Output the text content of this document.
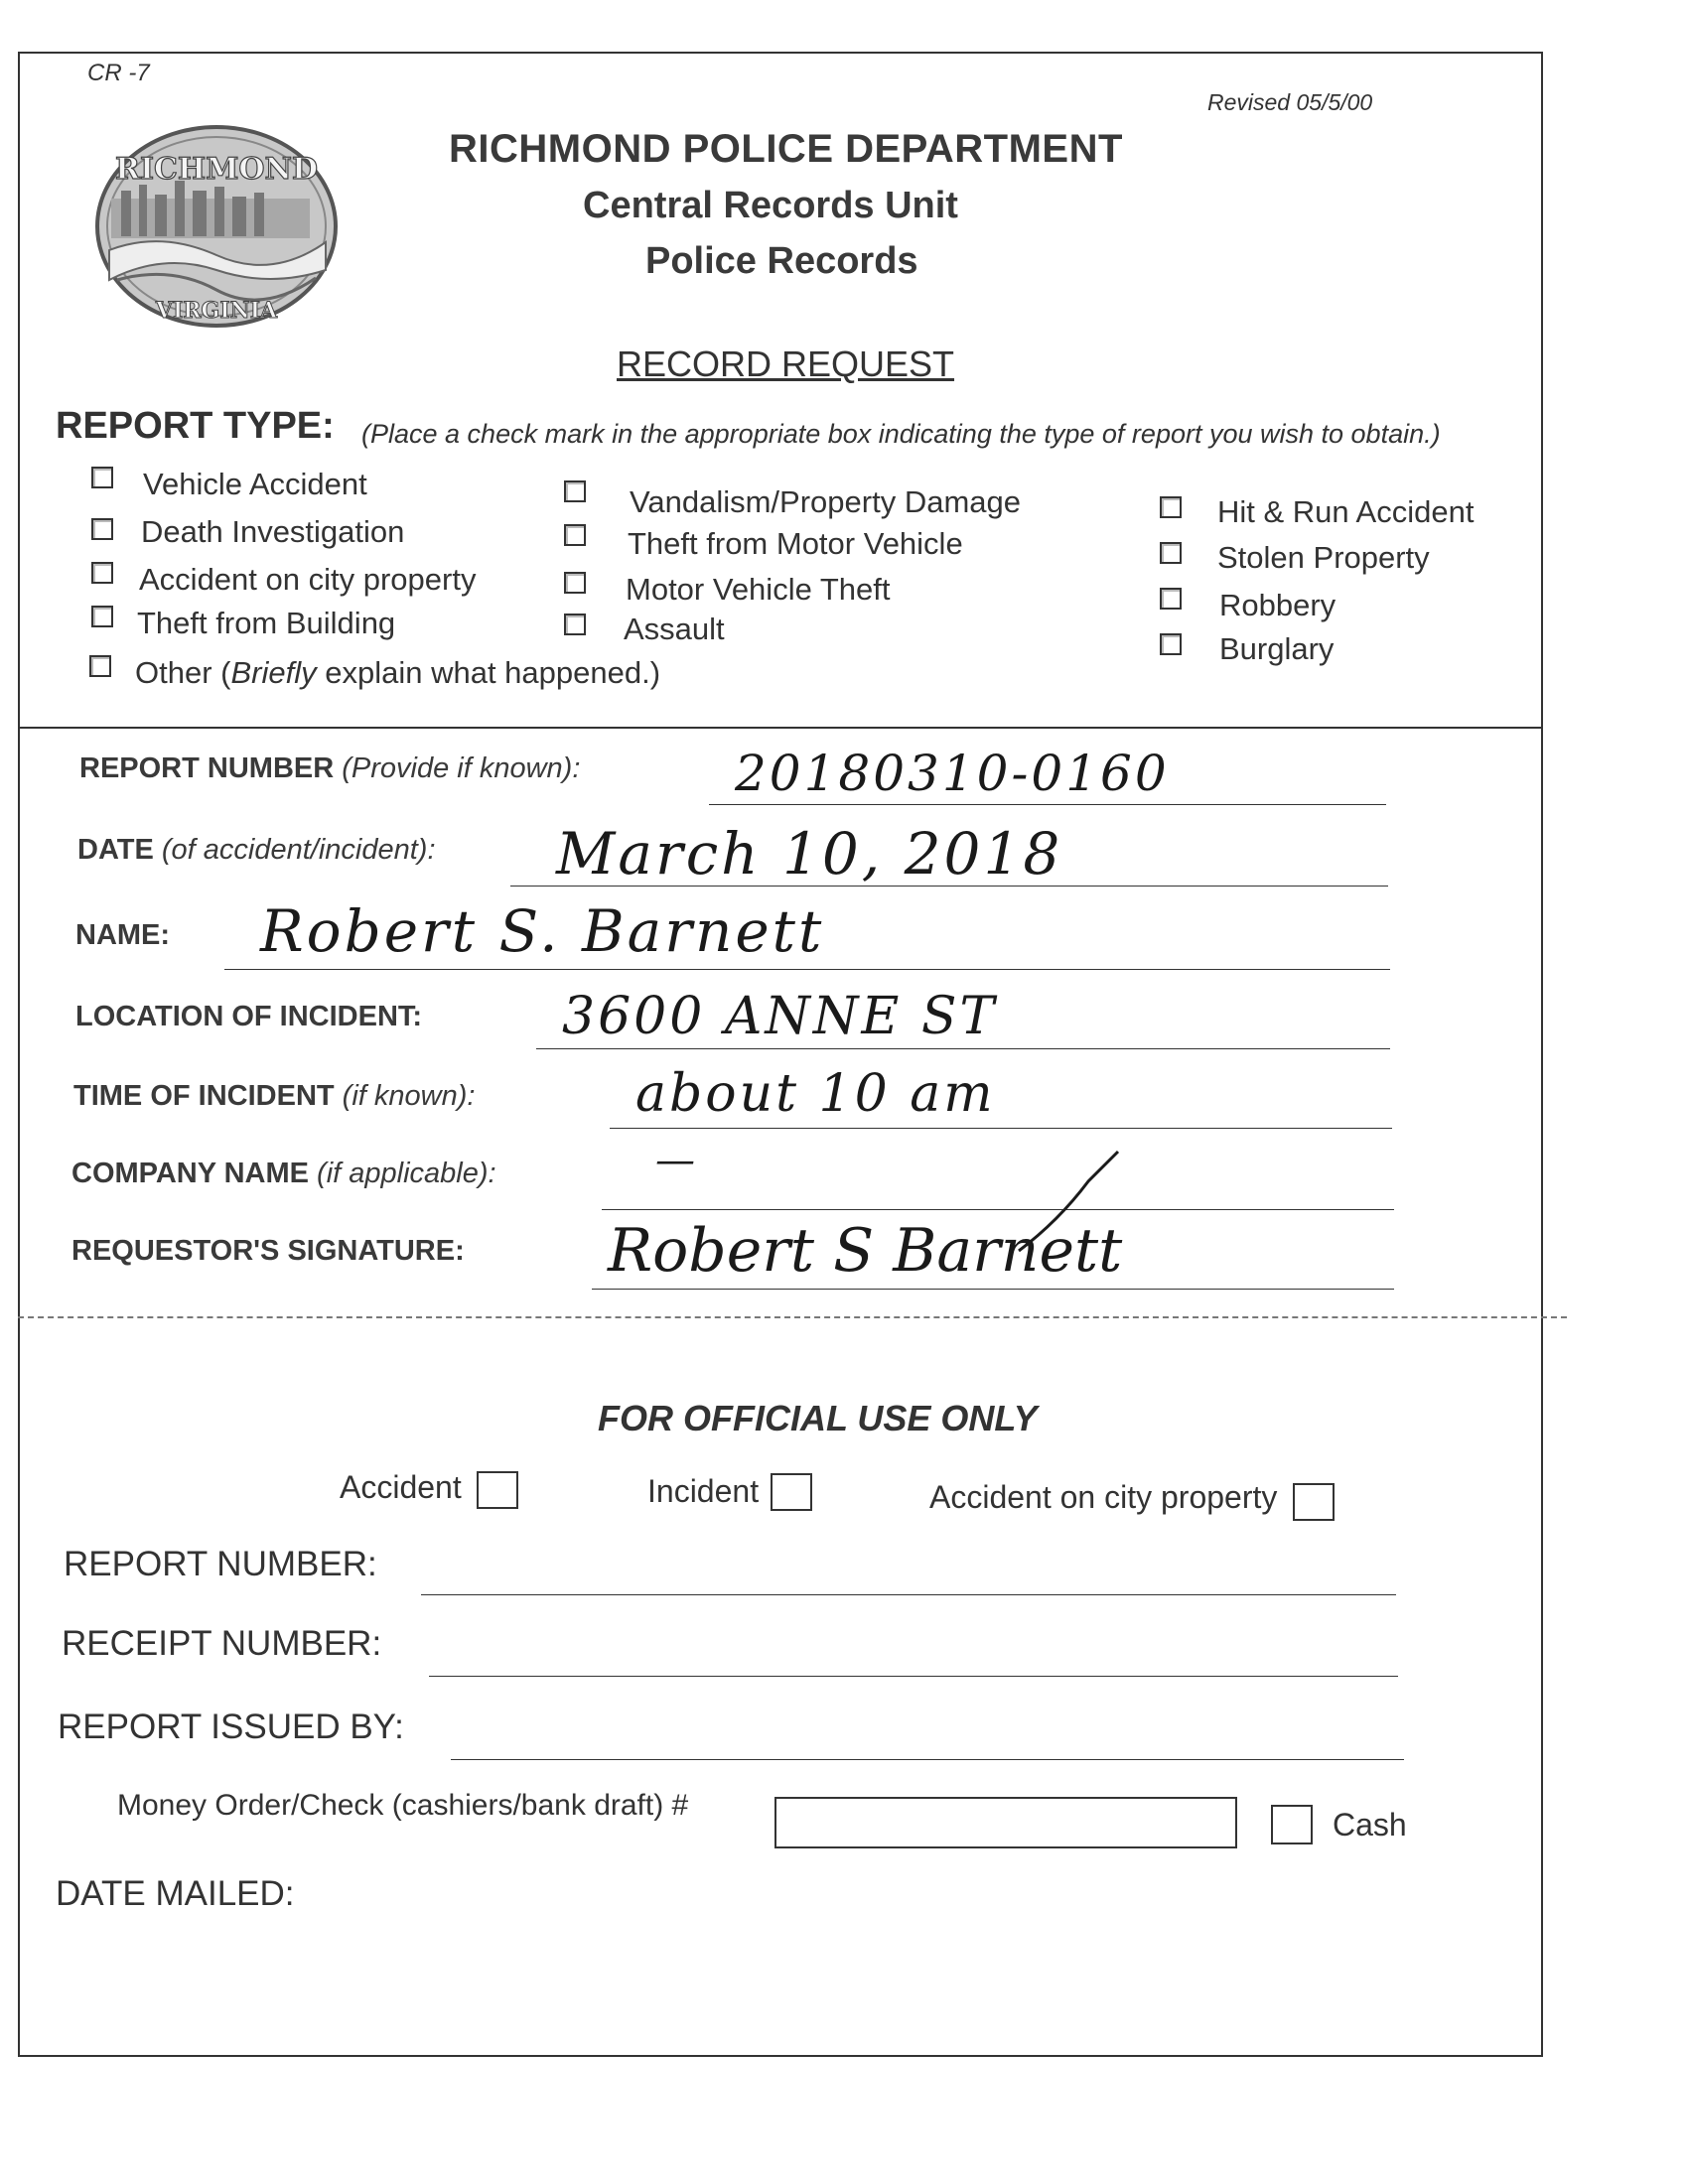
CR -7
Revised 05/5/00
RICHMOND
VIRGINIA
RICHMOND POLICE DEPARTMENT
Central Records Unit
Police Records
RECORD REQUEST
REPORT TYPE: (Place a check mark in the appropriate box indicating the type of report you wish to obtain.)
Vehicle Accident
Death Investigation
Accident on city property
Theft from Building
Vandalism/Property Damage
Theft from Motor Vehicle
Motor Vehicle Theft
Assault
Hit & Run Accident
Stolen Property
Robbery
Burglary
Other (Briefly explain what happened.)
REPORT NUMBER (Provide if known):	20180310-0160
DATE (of accident/incident): March 10, 2018
NAME: Robert S. Barnett
LOCATION OF INCIDENT:	3600 ANNE ST
TIME OF INCIDENT (if known):	about 10 am
COMPANY NAME (if applicable):	—
REQUESTOR'S SIGNATURE: Robert S Barnett
FOR OFFICIAL USE ONLY
Accident	Incident	Accident on city property
REPORT NUMBER:
RECEIPT NUMBER:
REPORT ISSUED BY:
Money Order/Check (cashiers/bank draft) #
Cash
DATE MAILED:
